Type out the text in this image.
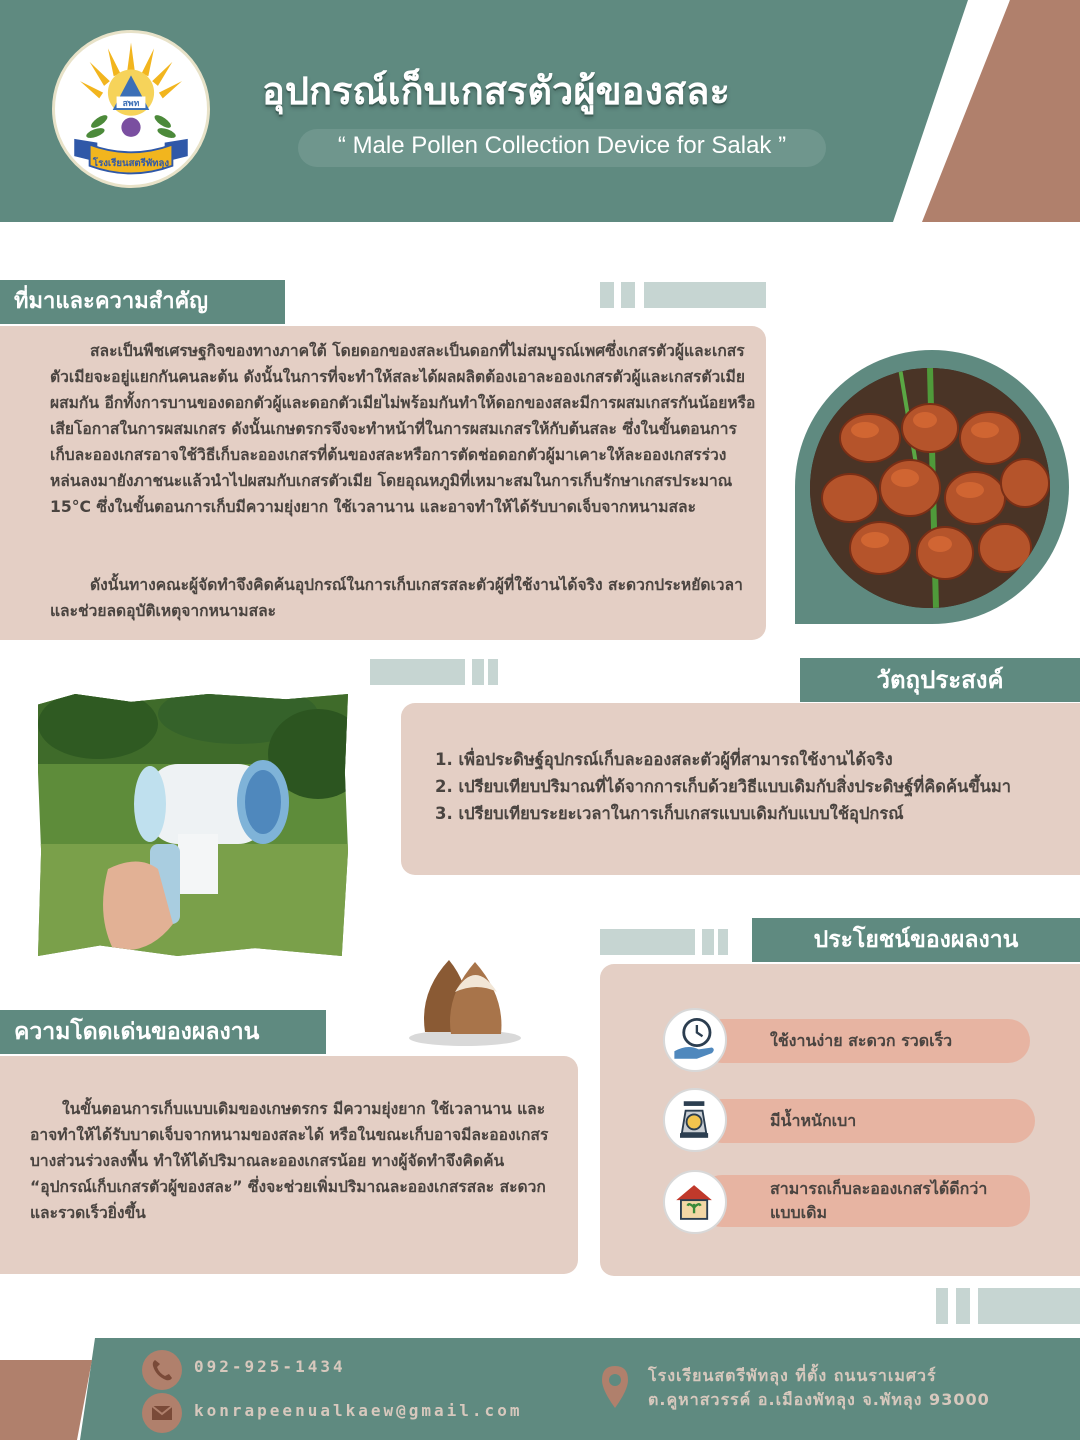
สพท
โรงเรียนสตรีพัทลุง
อุปกรณ์เก็บเกสรตัวผู้ของสละ
“ Male Pollen Collection Device for Salak ”
ที่มาและความสำคัญ
สละเป็นพืชเศรษฐกิจของทางภาคใต้ โดยดอกของสละเป็นดอกที่ไม่สมบูรณ์เพศซึ่งเกสรตัวผู้และเกสรตัวเมียจะอยู่แยกกันคนละต้น ดังนั้นในการที่จะทำให้สละได้ผลผลิตต้องเอาละอองเกสรตัวผู้และเกสรตัวเมียผสมกัน อีกทั้งการบานของดอกตัวผู้และดอกตัวเมียไม่พร้อมกันทำให้ดอกของสละมีการผสมเกสรกันน้อยหรือเสียโอกาสในการผสมเกสร ดังนั้นเกษตรกรจึงจะทำหน้าที่ในการผสมเกสรให้กับต้นสละ ซึ่งในขั้นตอนการเก็บละอองเกสรอาจใช้วิธีเก็บละอองเกสรที่ต้นของสละหรือการตัดช่อดอกตัวผู้มาเคาะให้ละอองเกสรร่วงหล่นลงมายังภาชนะแล้วนำไปผสมกับเกสรตัวเมีย โดยอุณหภูมิที่เหมาะสมในการเก็บรักษาเกสรประมาณ 15°C ซึ่งในขั้นตอนการเก็บมีความยุ่งยาก ใช้เวลานาน และอาจทำให้ได้รับบาดเจ็บจากหนามสละ
ดังนั้นทางคณะผู้จัดทำจึงคิดค้นอุปกรณ์ในการเก็บเกสรสละตัวผู้ที่ใช้งานได้จริง สะดวกประหยัดเวลา และช่วยลดอุบัติเหตุจากหนามสละ
วัตถุประสงค์
1. เพื่อประดิษฐ์อุปกรณ์เก็บละอองสละตัวผู้ที่สามารถใช้งานได้จริง
2. เปรียบเทียบปริมาณที่ได้จากการเก็บด้วยวิธีแบบเดิมกับสิ่งประดิษฐ์ที่คิดค้นขึ้นมา
3. เปรียบเทียบระยะเวลาในการเก็บเกสรแบบเดิมกับแบบใช้อุปกรณ์
ประโยชน์ของผลงาน
ใช้งานง่าย สะดวก รวดเร็ว
มีน้ำหนักเบา
สามารถเก็บละอองเกสรได้ดีกว่าแบบเดิม
ความโดดเด่นของผลงาน
ในขั้นตอนการเก็บแบบเดิมของเกษตรกร มีความยุ่งยาก ใช้เวลานาน และอาจทำให้ได้รับบาดเจ็บจากหนามของสละได้ หรือในขณะเก็บอาจมีละอองเกสรบางส่วนร่วงลงพื้น ทำให้ได้ปริมาณละอองเกสรน้อย ทางผู้จัดทำจึงคิดค้น “อุปกรณ์เก็บเกสรตัวผู้ของสละ” ซึ่งจะช่วยเพิ่มปริมาณละอองเกสรสละ สะดวก และรวดเร็วยิ่งขึ้น
092-925-1434
konrapeenualkaew@gmail.com
โรงเรียนสตรีพัทลุง ที่ตั้ง ถนนราเมศวร์
ต.คูหาสวรรค์ อ.เมืองพัทลุง จ.พัทลุง 93000
